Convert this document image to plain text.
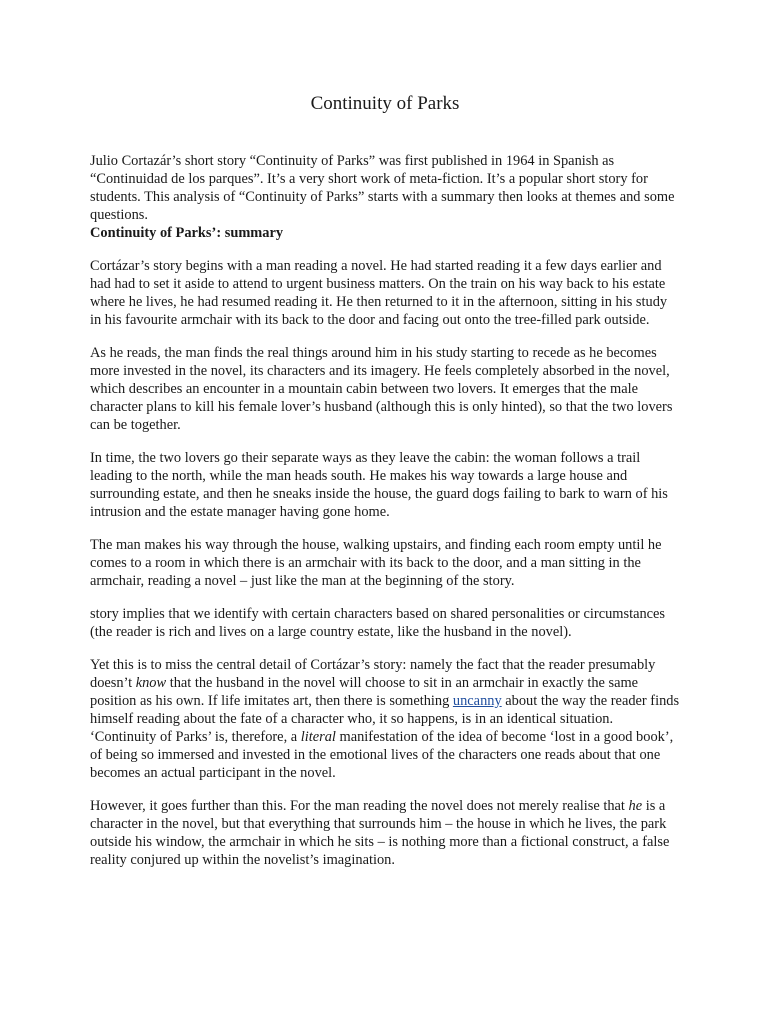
Continuity of Parks

Julio Cortazár’s short story “Continuity of Parks” was first published in 1964 in Spanish as “Continuidad de los parques”. It’s a very short work of meta-fiction. It’s a popular short story for students. This analysis of “Continuity of Parks” starts with a summary then looks at themes and some questions.

Continuity of Parks’: summary

Cortázar’s story begins with a man reading a novel. He had started reading it a few days earlier and had had to set it aside to attend to urgent business matters. On the train on his way back to his estate where he lives, he had resumed reading it. He then returned to it in the afternoon, sitting in his study in his favourite armchair with its back to the door and facing out onto the tree-filled park outside.

As he reads, the man finds the real things around him in his study starting to recede as he becomes more invested in the novel, its characters and its imagery. He feels completely absorbed in the novel, which describes an encounter in a mountain cabin between two lovers. It emerges that the male character plans to kill his female lover’s husband (although this is only hinted), so that the two lovers can be together.

In time, the two lovers go their separate ways as they leave the cabin: the woman follows a trail leading to the north, while the man heads south. He makes his way towards a large house and surrounding estate, and then he sneaks inside the house, the guard dogs failing to bark to warn of his intrusion and the estate manager having gone home.

The man makes his way through the house, walking upstairs, and finding each room empty until he comes to a room in which there is an armchair with its back to the door, and a man sitting in the armchair, reading a novel – just like the man at the beginning of the story.

story implies that we identify with certain characters based on shared personalities or circumstances (the reader is rich and lives on a large country estate, like the husband in the novel).

Yet this is to miss the central detail of Cortázar’s story: namely the fact that the reader presumably doesn’t know that the husband in the novel will choose to sit in an armchair in exactly the same position as his own. If life imitates art, then there is something uncanny about the way the reader finds himself reading about the fate of a character who, it so happens, is in an identical situation. ‘Continuity of Parks’ is, therefore, a literal manifestation of the idea of become ‘lost in a good book’, of being so immersed and invested in the emotional lives of the characters one reads about that one becomes an actual participant in the novel.

However, it goes further than this. For the man reading the novel does not merely realise that he is a character in the novel, but that everything that surrounds him – the house in which he lives, the park outside his window, the armchair in which he sits – is nothing more than a fictional construct, a false reality conjured up within the novelist’s imagination.
